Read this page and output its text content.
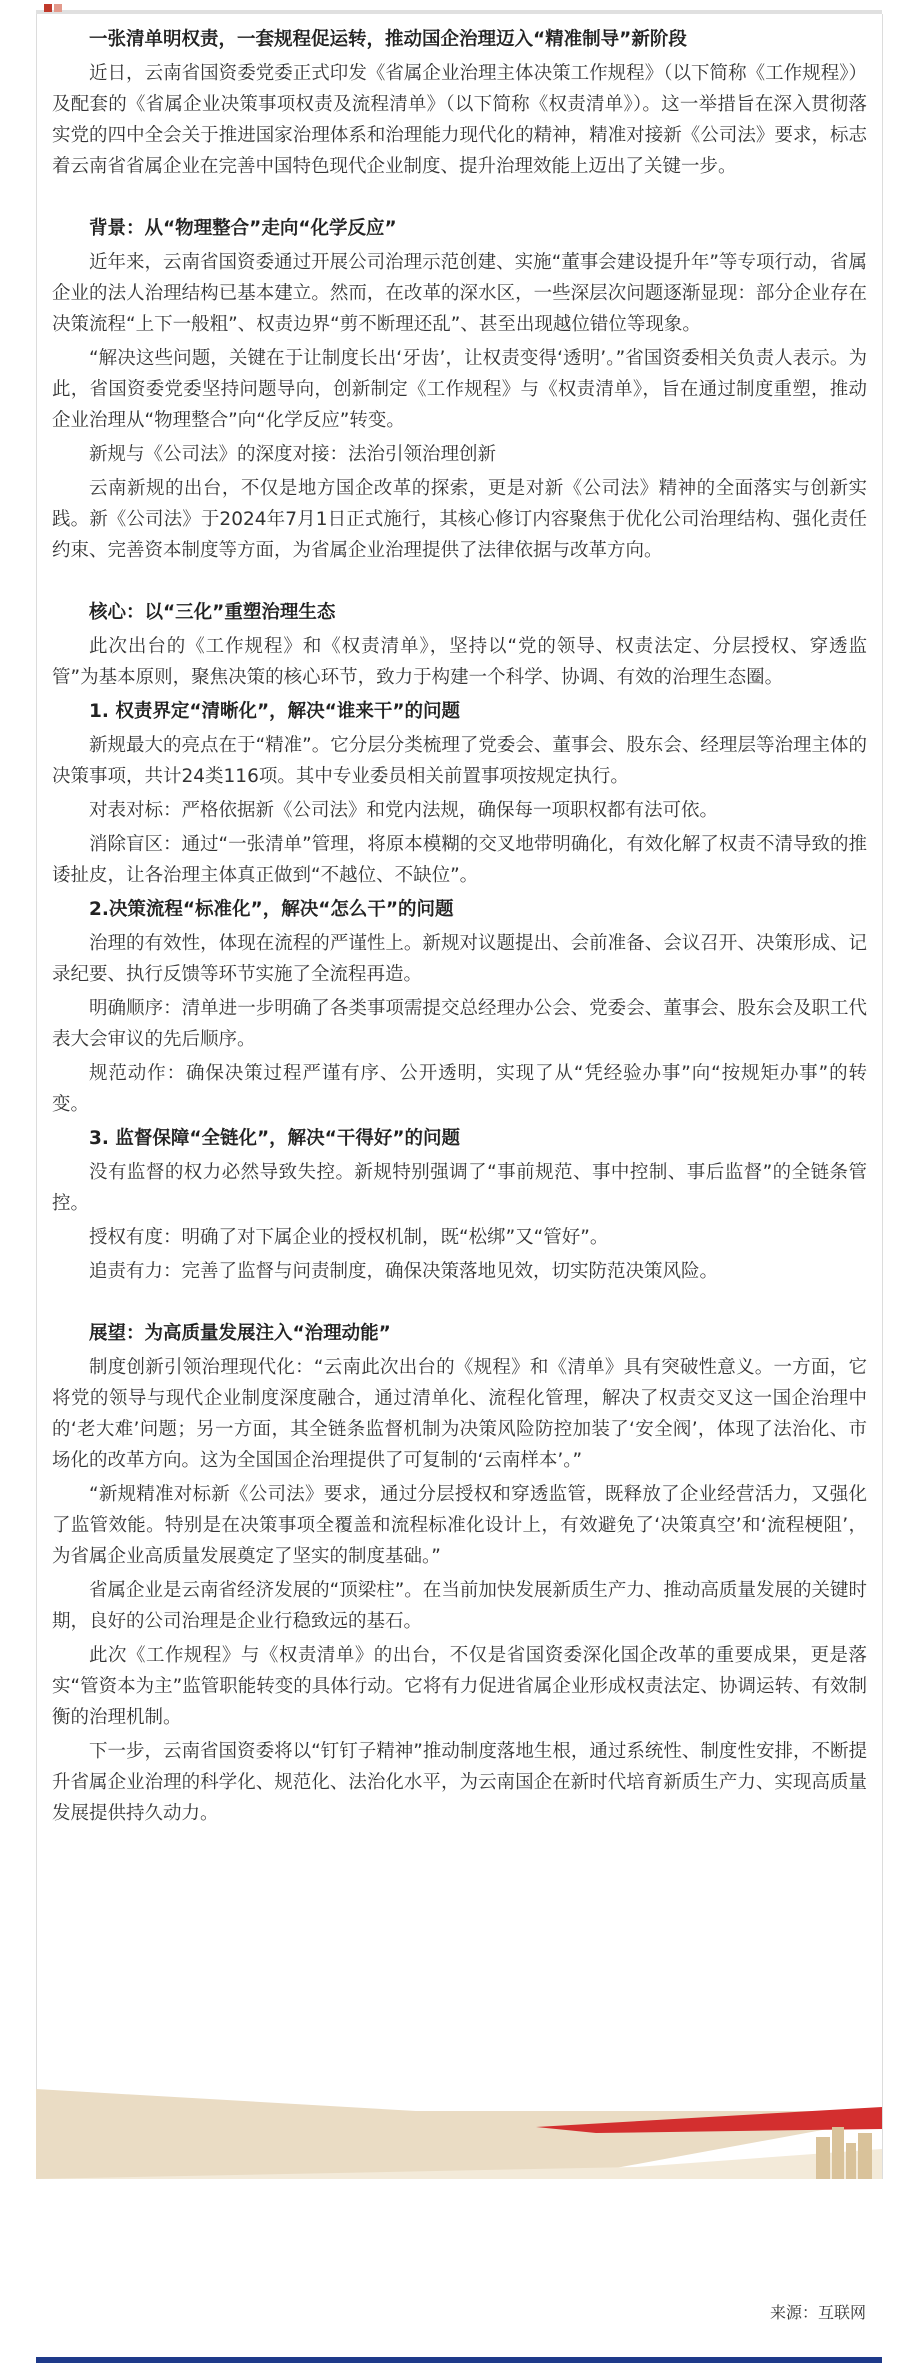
一张清单明权责，一套规程促运转，推动国企治理迈入“精准制导”新阶段

近日，云南省国资委党委正式印发《省属企业治理主体决策工作规程》（以下简称《工作规程》）及配套的《省属企业决策事项权责及流程清单》（以下简称《权责清单》）。这一举措旨在深入贯彻落实党的四中全会关于推进国家治理体系和治理能力现代化的精神，精准对接新《公司法》要求，标志着云南省省属企业在完善中国特色现代企业制度、提升治理效能上迈出了关键一步。

背景：从“物理整合”走向“化学反应”

近年来，云南省国资委通过开展公司治理示范创建、实施“董事会建设提升年”等专项行动，省属企业的法人治理结构已基本建立。然而，在改革的深水区，一些深层次问题逐渐显现：部分企业存在决策流程“上下一般粗”、权责边界“剪不断理还乱”、甚至出现越位错位等现象。

“解决这些问题，关键在于让制度长出‘牙齿’，让权责变得‘透明’。”省国资委相关负责人表示。为此，省国资委党委坚持问题导向，创新制定《工作规程》与《权责清单》，旨在通过制度重塑，推动企业治理从“物理整合”向“化学反应”转变。

新规与《公司法》的深度对接：法治引领治理创新

云南新规的出台，不仅是地方国企改革的探索，更是对新《公司法》精神的全面落实与创新实践。新《公司法》于2024年7月1日正式施行，其核心修订内容聚焦于优化公司治理结构、强化责任约束、完善资本制度等方面，为省属企业治理提供了法律依据与改革方向。

核心：以“三化”重塑治理生态

此次出台的《工作规程》和《权责清单》，坚持以“党的领导、权责法定、分层授权、穿透监管”为基本原则，聚焦决策的核心环节，致力于构建一个科学、协调、有效的治理生态圈。

1. 权责界定“清晰化”，解决“谁来干”的问题

新规最大的亮点在于“精准”。它分层分类梳理了党委会、董事会、股东会、经理层等治理主体的决策事项，共计24类116项。其中专业委员相关前置事项按规定执行。

对表对标：严格依据新《公司法》和党内法规，确保每一项职权都有法可依。

消除盲区：通过“一张清单”管理，将原本模糊的交叉地带明确化，有效化解了权责不清导致的推诿扯皮，让各治理主体真正做到“不越位、不缺位”。

2.决策流程“标准化”，解决“怎么干”的问题

治理的有效性，体现在流程的严谨性上。新规对议题提出、会前准备、会议召开、决策形成、记录纪要、执行反馈等环节实施了全流程再造。

明确顺序：清单进一步明确了各类事项需提交总经理办公会、党委会、董事会、股东会及职工代表大会审议的先后顺序。

规范动作：确保决策过程严谨有序、公开透明，实现了从“凭经验办事”向“按规矩办事”的转变。

3. 监督保障“全链化”，解决“干得好”的问题

没有监督的权力必然导致失控。新规特别强调了“事前规范、事中控制、事后监督”的全链条管控。

授权有度：明确了对下属企业的授权机制，既“松绑”又“管好”。

追责有力：完善了监督与问责制度，确保决策落地见效，切实防范决策风险。

展望：为高质量发展注入“治理动能”

制度创新引领治理现代化：“云南此次出台的《规程》和《清单》具有突破性意义。一方面，它将党的领导与现代企业制度深度融合，通过清单化、流程化管理，解决了权责交叉这一国企治理中的‘老大难’问题；另一方面，其全链条监督机制为决策风险防控加装了‘安全阀’，体现了法治化、市场化的改革方向。这为全国国企治理提供了可复制的‘云南样本’。”

“新规精准对标新《公司法》要求，通过分层授权和穿透监管，既释放了企业经营活力，又强化了监管效能。特别是在决策事项全覆盖和流程标准化设计上，有效避免了‘决策真空’和‘流程梗阻’，为省属企业高质量发展奠定了坚实的制度基础。”

省属企业是云南省经济发展的“顶梁柱”。在当前加快发展新质生产力、推动高质量发展的关键时期，良好的公司治理是企业行稳致远的基石。

此次《工作规程》与《权责清单》的出台，不仅是省国资委深化国企改革的重要成果，更是落实“管资本为主”监管职能转变的具体行动。它将有力促进省属企业形成权责法定、协调运转、有效制衡的治理机制。

下一步，云南省国资委将以“钉钉子精神”推动制度落地生根，通过系统性、制度性安排，不断提升省属企业治理的科学化、规范化、法治化水平，为云南国企在新时代培育新质生产力、实现高质量发展提供持久动力。

来源：互联网
